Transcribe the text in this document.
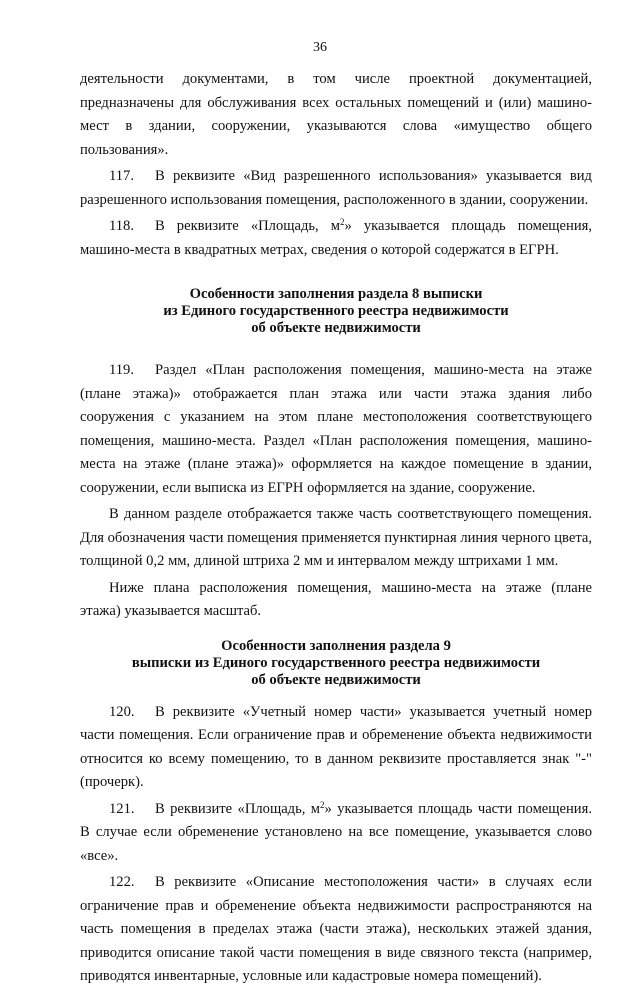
36

деятельности документами, в том числе проектной документацией, предназначены для обслуживания всех остальных помещений и (или) машино-мест в здании, сооружении, указываются слова «имущество общего пользования».

117. В реквизите «Вид разрешенного использования» указывается вид разрешенного использования помещения, расположенного в здании, сооружении.

118. В реквизите «Площадь, $м^2$» указывается площадь помещения, машино-места в квадратных метрах, сведения о которой содержатся в ЕГРН.

Особенности заполнения раздела 8 выписки
из Единого государственного реестра недвижимости
об объекте недвижимости

119. Раздел «План расположения помещения, машино-места на этаже (плане этажа)» отображается план этажа или части этажа здания либо сооружения с указанием на этом плане местоположения соответствующего помещения, машино-места. Раздел «План расположения помещения, машино-места на этаже (плане этажа)» оформляется на каждое помещение в здании, сооружении, если выписка из ЕГРН оформляется на здание, сооружение.

В данном разделе отображается также часть соответствующего помещения. Для обозначения части помещения применяется пунктирная линия черного цвета, толщиной 0,2 мм, длиной штриха 2 мм и интервалом между штрихами 1 мм.

Ниже плана расположения помещения, машино-места на этаже (плане этажа) указывается масштаб.

Особенности заполнения раздела 9
выписки из Единого государственного реестра недвижимости
об объекте недвижимости

120. В реквизите «Учетный номер части» указывается учетный номер части помещения. Если ограничение прав и обременение объекта недвижимости относится ко всему помещению, то в данном реквизите проставляется знак "-" (прочерк).

121. В реквизите «Площадь, $м^2$» указывается площадь части помещения. В случае если обременение установлено на все помещение, указывается слово «все».

122. В реквизите «Описание местоположения части» в случаях если ограничение прав и обременение объекта недвижимости распространяются на часть помещения в пределах этажа (части этажа), нескольких этажей здания, приводится описание такой части помещения в виде связного текста (например, приводятся инвентарные, условные или кадастровые номера помещений).
